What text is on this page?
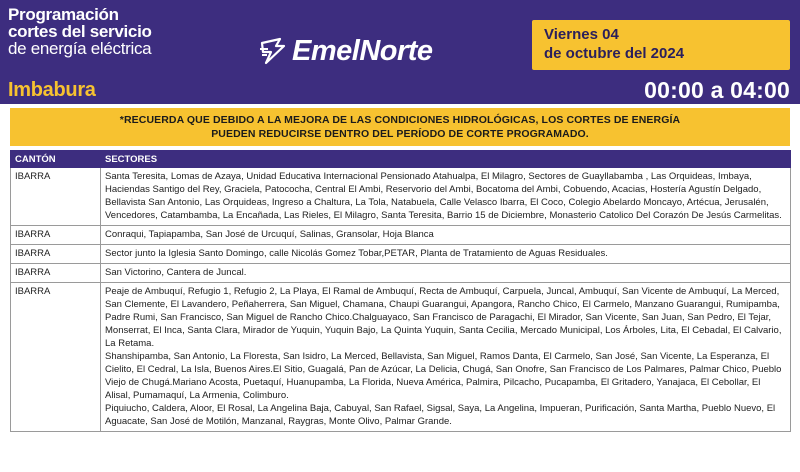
Programación
cortes del servicio
de energía eléctrica
Imbabura
EmelNorte	Viernes 04
de octubre del 2024
00:00 a 04:00
*RECUERDA QUE DEBIDO A LA MEJORA DE LAS CONDICIONES HIDROLÓGICAS, LOS CORTES DE ENERGÍA
PUEDEN REDUCIRSE DENTRO DEL PERÍODO DE CORTE PROGRAMADO.
CANTÓN	SECTORES
IBARRA	Santa Teresita, Lomas de Azaya, Unidad Educativa Internacional Pensionado Atahualpa, El Milagro, Sectores de Guayllabamba , Las Orquideas, Imbaya, Haciendas Santigo del Rey, Graciela, Patococha, Central El Ambi, Reservorio del Ambi, Bocatoma del Ambi, Cobuendo, Acacias, Hostería Agustín Delgado, Bellavista San Antonio, Las Orquideas, Ingreso a Chaltura, La Tola, Natabuela, Calle Velasco Ibarra, El Coco, Colegio Abelardo Moncayo, Artécua, Jerusalén, Vencedores, Catambamba, La Encañada, Las Rieles, El Milagro, Santa Teresita, Barrio 15 de Diciembre, Monasterio Catolico Del Corazón De Jesús Carmelitas.

IBARRA	Conraqui, Tapiapamba, San José de Urcuquí, Salinas, Gransolar, Hoja Blanca

IBARRA	Sector junto la Iglesia Santo Domingo, calle Nicolás Gomez Tobar,PETAR, Planta de Tratamiento de Aguas Residuales.

IBARRA	San Victorino, Cantera de Juncal.

IBARRA	Peaje de Ambuquí, Refugio 1, Refugio 2, La Playa, El Ramal de Ambuquí, Recta de Ambuquí, Carpuela, Juncal, Ambuquí, San Vicente de Ambuquí, La Merced, San Clemente, El Lavandero, Peñaherrera, San Miguel, Chamana, Chaupi Guarangui, Apangora, Rancho Chico, El Carmelo, Manzano Guarangui, Rumipamba, Padre Rumi, San Francisco, San Miguel de Rancho Chico.Chalguayaco, San Francisco de Paragachi, El Mirador, San Vicente, San Juan, San Pedro, El Tejar, Monserrat, El Inca, Santa Clara, Mirador de Yuquin, Yuquin Bajo, La Quinta Yuquin, Santa Cecilia, Mercado Municipal, Los Árboles, Lita, El Cebadal, El Calvario, La Retama.

Shanshipamba, San Antonio, La Floresta, San Isidro, La Merced, Bellavista, San Miguel, Ramos Danta, El Carmelo, San José, San Vicente, La Esperanza, El Cielito, El Cedral, La Isla, Buenos Aires.El Sitio, Guagalá, Pan de Azúcar, La Delicia, Chugá, San Onofre, San Francisco de Los Palmares, Palmar Chico, Pueblo Viejo de Chugá.Mariano Acosta, Puetaquí, Huanupamba, La Florida, Nueva América, Palmira, Pilcacho, Pucapamba, El Gritadero, Yanajaca, El Cebollar, El Alisal, Pumamaquí, La Armenia, Colimburo.

Piquiucho, Caldera, Aloor, El Rosal, La Angelina Baja, Cabuyal, San Rafael, Sigsal, Saya, La Angelina, Impueran, Purificación, Santa Martha, Pueblo Nuevo, El Aguacate, San José de Motilón, Manzanal, Raygras, Monte Olivo, Palmar Grande.
